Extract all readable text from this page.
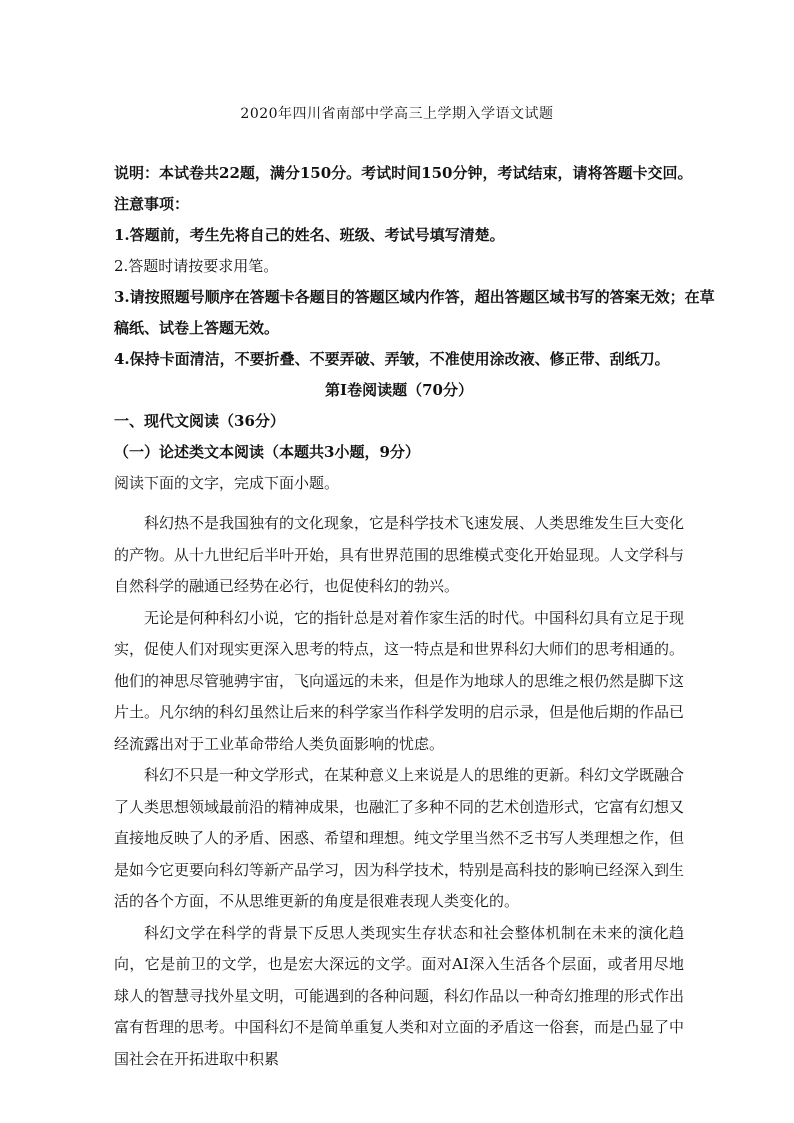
2020年四川省南部中学高三上学期入学语文试题
说明：本试卷共22题，满分150分。考试时间150分钟，考试结束，请将答题卡交回。
注意事项：
1.答题前，考生先将自己的姓名、班级、考试号填写清楚。
2.答题时请按要求用笔。
3.请按照题号顺序在答题卡各题目的答题区域内作答，超出答题区域书写的答案无效；在草
稿纸、试卷上答题无效。
4.保持卡面清洁，不要折叠、不要弄破、弄皱，不准使用涂改液、修正带、刮纸刀。
第Ⅰ卷阅读题（70分）
一、现代文阅读（36分）
（一）论述类文本阅读（本题共3小题，9分）
阅读下面的文字，完成下面小题。

科幻热不是我国独有的文化现象，它是科学技术飞速发展、人类思维发生巨大变化的产物。从十九世纪后半叶开始，具有世界范围的思维模式变化开始显现。人文学科与自然科学的融通已经势在必行，也促使科幻的勃兴。

无论是何种科幻小说，它的指针总是对着作家生活的时代。中国科幻具有立足于现实，促使人们对现实更深入思考的特点，这一特点是和世界科幻大师们的思考相通的。他们的神思尽管驰骋宇宙，飞向遥远的未来，但是作为地球人的思维之根仍然是脚下这片土。凡尔纳的科幻虽然让后来的科学家当作科学发明的启示录，但是他后期的作品已经流露出对于工业革命带给人类负面影响的忧虑。

科幻不只是一种文学形式，在某种意义上来说是人的思维的更新。科幻文学既融合了人类思想领域最前沿的精神成果，也融汇了多种不同的艺术创造形式，它富有幻想又直接地反映了人的矛盾、困惑、希望和理想。纯文学里当然不乏书写人类理想之作，但是如今它更要向科幻等新产品学习，因为科学技术，特别是高科技的影响已经深入到生活的各个方面，不从思维更新的角度是很难表现人类变化的。

科幻文学在科学的背景下反思人类现实生存状态和社会整体机制在未来的演化趋向，它是前卫的文学，也是宏大深远的文学。面对AI深入生活各个层面，或者用尽地球人的智慧寻找外星文明，可能遇到的各种问题，科幻作品以一种奇幻推理的形式作出富有哲理的思考。中国科幻不是简单重复人类和对立面的矛盾这一俗套，而是凸显了中国社会在开拓进取中积累
